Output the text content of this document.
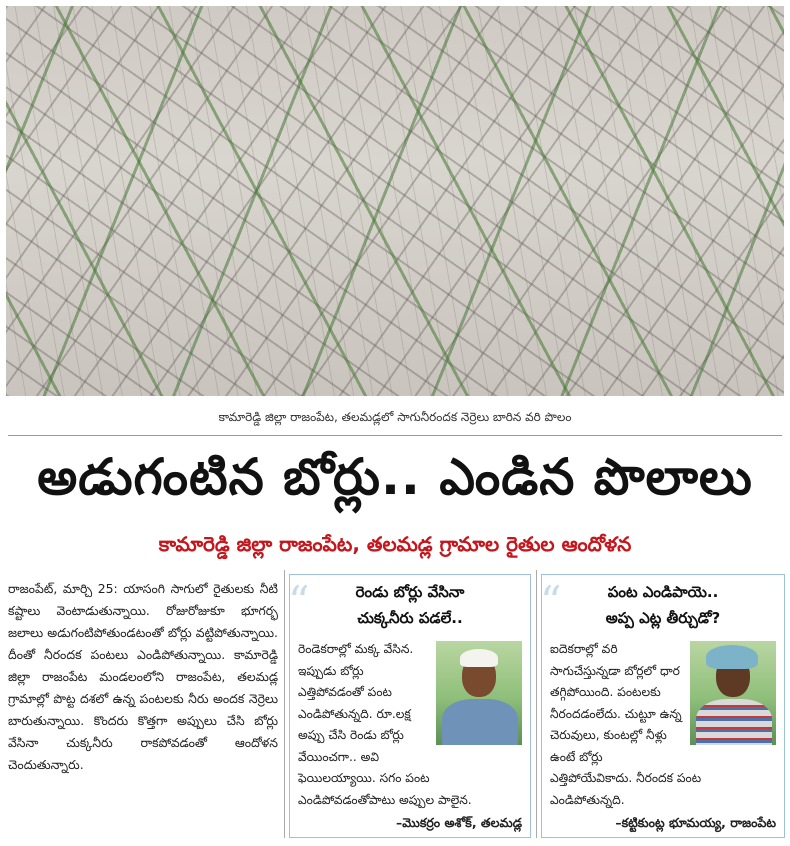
కామారెడ్డి జిల్లా రాజంపేట, తలమడ్లలో సాగునీరందక నెర్రెలు బారిన వరి పొలం
అడుగంటిన బోర్లు.. ఎండిన పొలాలు
కామారెడ్డి జిల్లా రాజంపేట, తలమడ్ల గ్రామాల రైతుల ఆందోళన
రాజంపేట్, మార్చి 25: యాసంగి సాగులో రైతులకు నీటి కష్టాలు వెంటాడుతున్నాయి. రోజురోజుకూ భూగర్భ జలాలు అడుగంటిపోతుండటంతో బోర్లు వట్టిపోతున్నాయి. దీంతో నీరందక పంటలు ఎండిపోతున్నాయి. కామారెడ్డి జిల్లా రాజంపేట మండలంలోని రాజంపేట, తలమడ్ల గ్రామాల్లో పొట్ట దశలో ఉన్న పంటలకు నీరు అందక నెర్రెలు బారుతున్నాయి. కొందరు కొత్తగా అప్పులు చేసి బోర్లు వేసినా చుక్కనీరు రాకపోవడంతో ఆందోళన చెందుతున్నారు.
“	రెండు బోర్లు వేసినా
చుక్కనీరు పడలే..
రెండెకరాల్లో మక్క వేసిన. ఇప్పుడు బోర్లు ఎత్తిపోవడంతో పంట ఎండిపోతున్నది. రూ.లక్ష అప్పు చేసి రెండు బోర్లు వేయించగా.. అవి ఫెయిలయ్యాయి. సగం పంట ఎండిపోవడంతోపాటు అప్పుల పాలైన.
–మొకర్రం అశోక్, తలమడ్ల
“	పంట ఎండిపాయె..
అప్ప ఎట్ల తీర్చుడో?
ఐదెకరాల్లో వరి సాగుచేస్తున్నడా బోర్లలో ధార తగ్గిపోయింది. పంటలకు నీరందడంలేదు. చుట్టూ ఉన్న చెరువులు, కుంటల్లో నీళ్లు ఉంటే బోర్లు ఎత్తిపోయేవికాదు. నీరందక పంట ఎండిపోతున్నది.
–కట్టికుంట్ల భూమయ్య, రాజంపేట
